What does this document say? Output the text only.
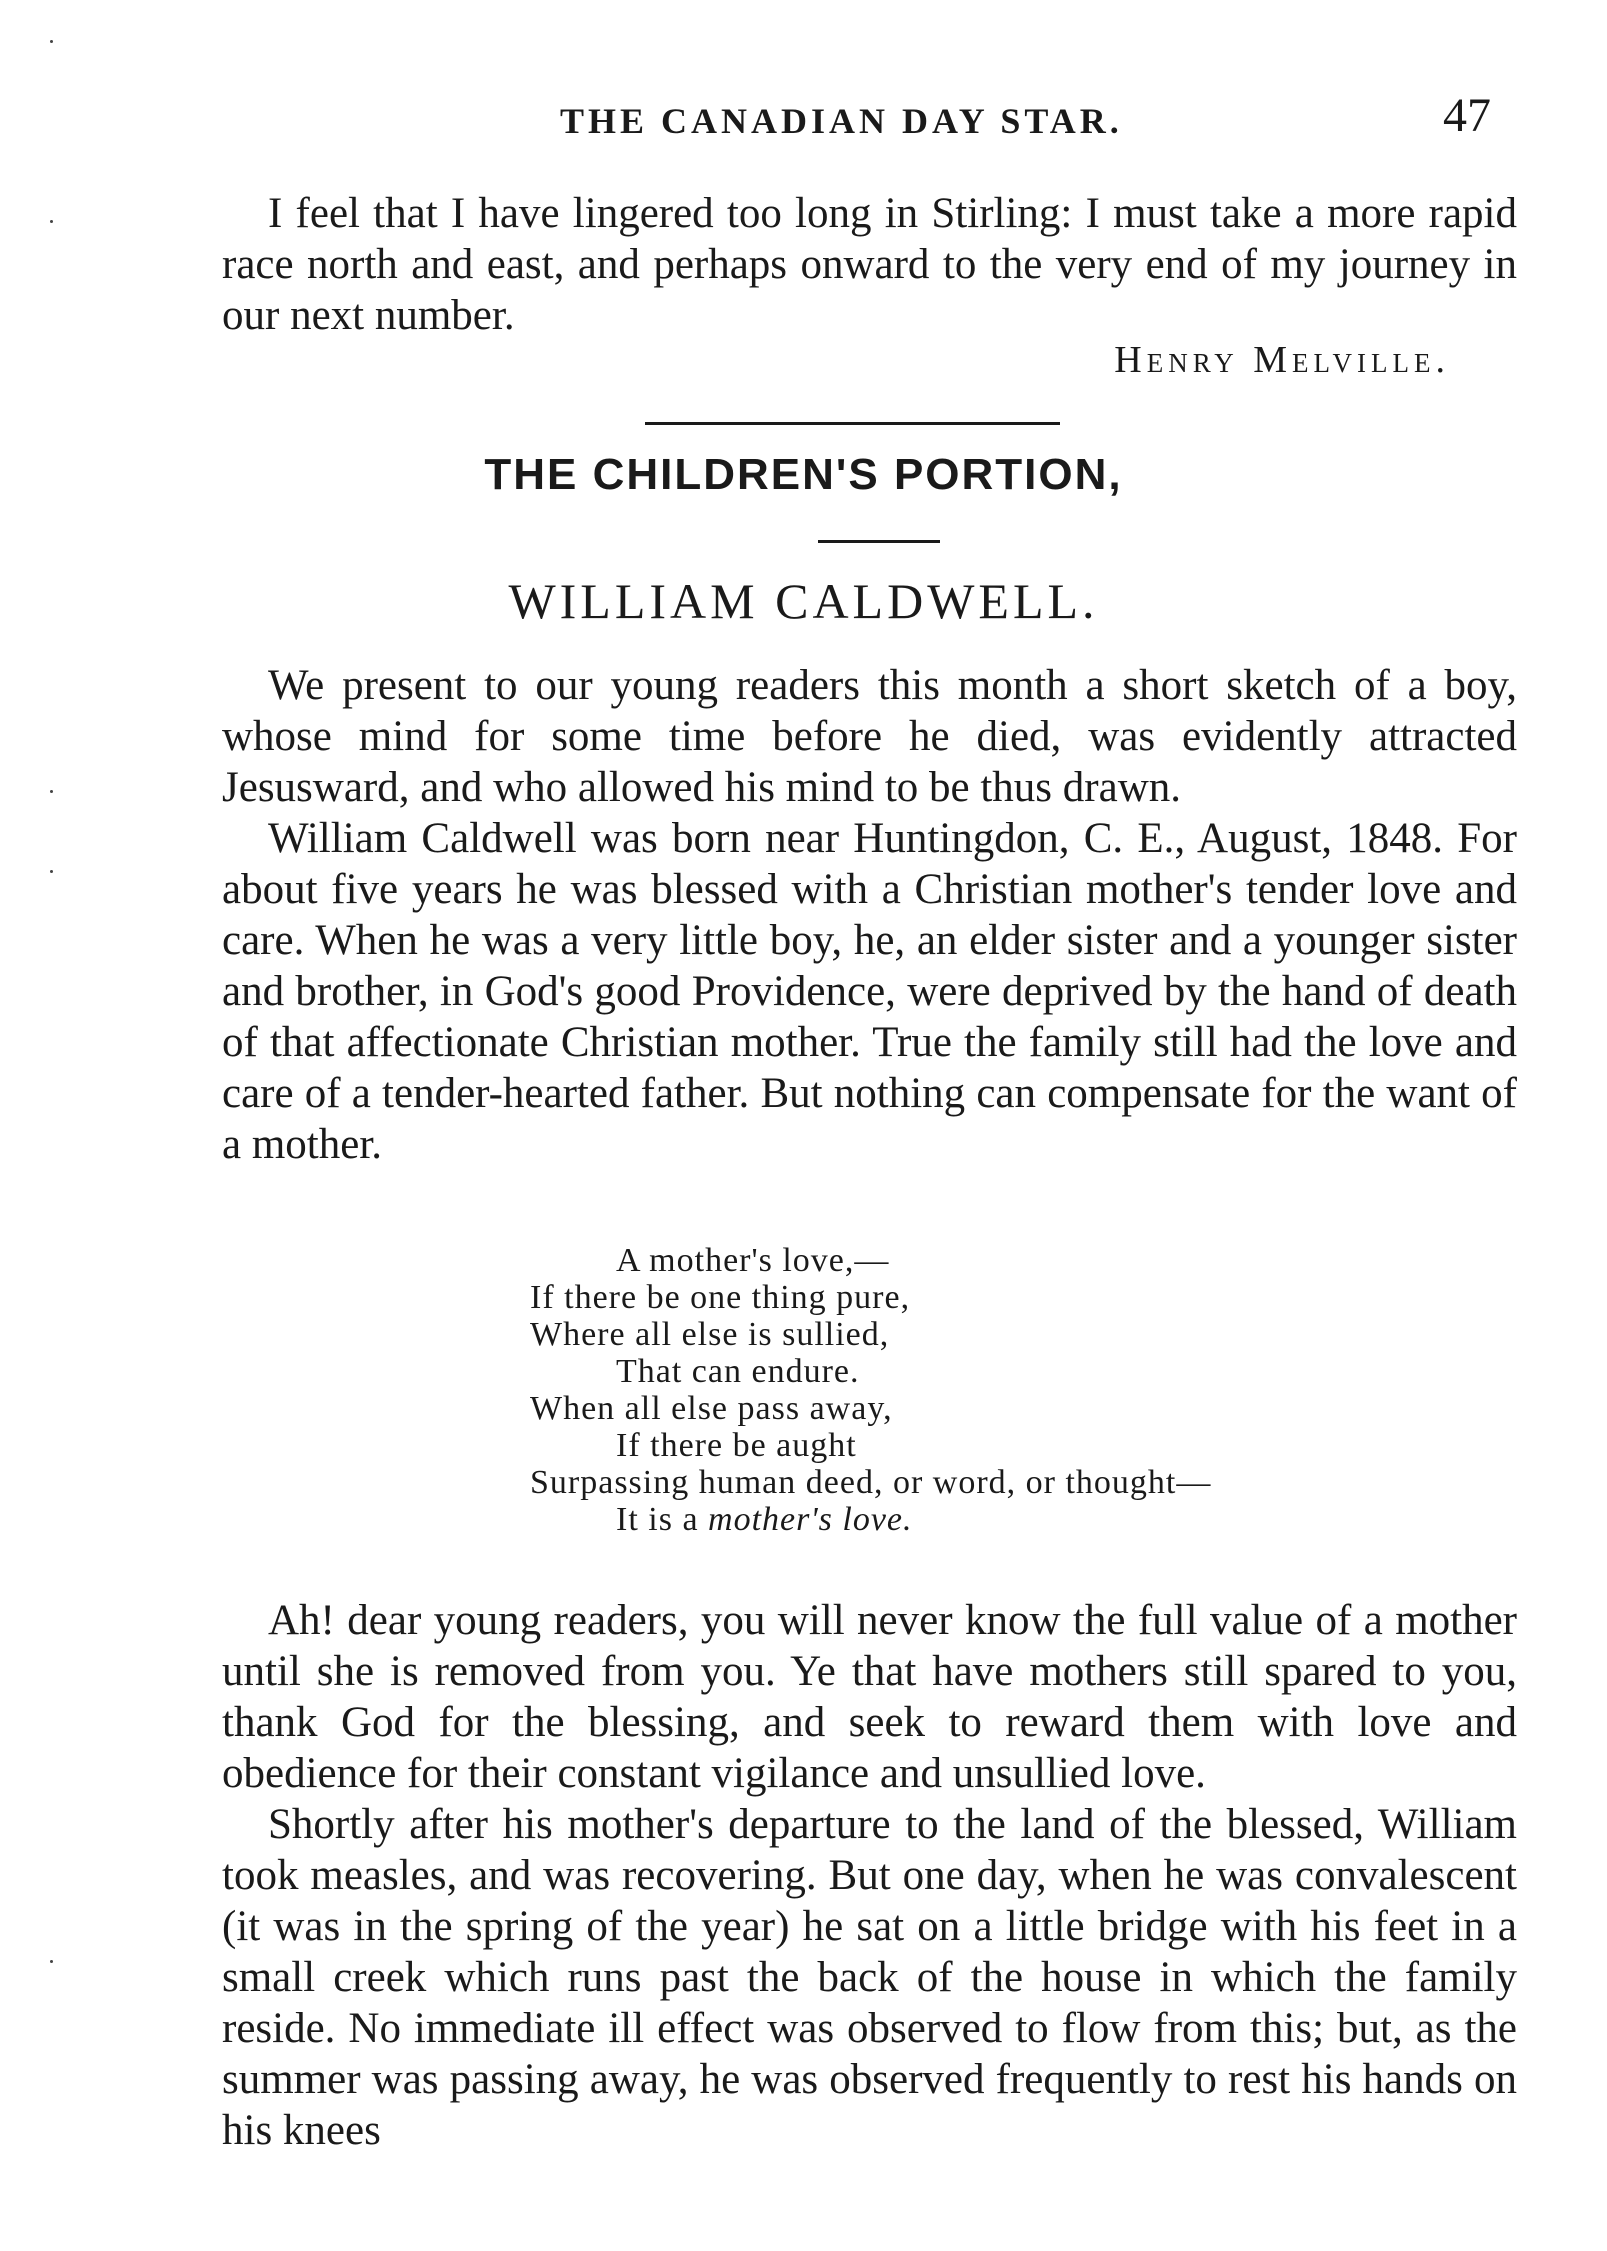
THE CANADIAN DAY STAR.	47

I feel that I have lingered too long in Stirling: I must take a more rapid race north and east, and perhaps onward to the very end of my journey in our next number.

Henry Melville.
THE CHILDREN'S PORTION,
WILLIAM CALDWELL.

We present to our young readers this month a short sketch of a boy, whose mind for some time before he died, was evidently attracted Jesusward, and who allowed his mind to be thus drawn.

William Caldwell was born near Huntingdon, C. E., August, 1848. For about five years he was blessed with a Christian mother's tender love and care. When he was a very little boy, he, an elder sister and a younger sister and brother, in God's good Providence, were deprived by the hand of death of that affectionate Christian mother. True the family still had the love and care of a tender-hearted father. But nothing can compensate for the want of a mother.

A mother's love,—
If there be one thing pure,
Where all else is sullied,
That can endure.
When all else pass away,
If there be aught
Surpassing human deed, or word, or thought—
It is a mother's love.

Ah! dear young readers, you will never know the full value of a mother until she is removed from you. Ye that have mothers still spared to you, thank God for the blessing, and seek to reward them with love and obedience for their constant vigilance and unsullied love.

Shortly after his mother's departure to the land of the blessed, William took measles, and was recovering. But one day, when he was convalescent (it was in the spring of the year) he sat on a little bridge with his feet in a small creek which runs past the back of the house in which the family reside. No immediate ill effect was observed to flow from this; but, as the summer was passing away, he was observed frequently to rest his hands on his knees
